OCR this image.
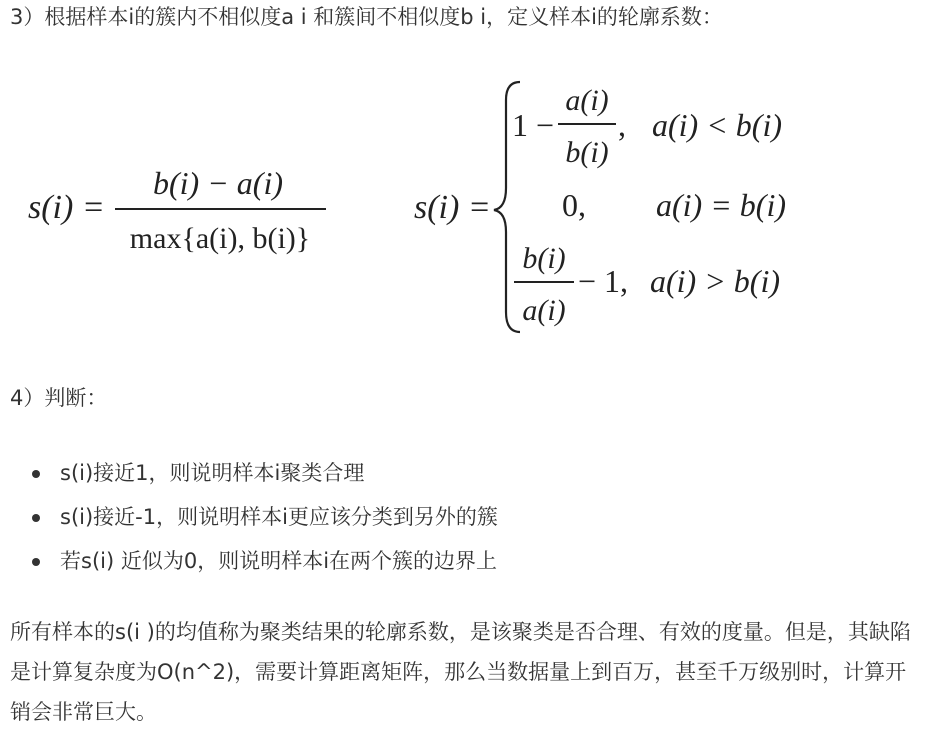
3）根据样本i的簇内不相似度a i 和簇间不相似度b i，定义样本i的轮廓系数：
s(i) =
b(i) − a(i)
max{a(i), b(i)}
s(i) =
1 −
a(i)
b(i)
, a(i) < b(i)
0, a(i) = b(i)
b(i)
a(i)
− 1, a(i) > b(i)
4）判断：
s(i)接近1，则说明样本i聚类合理
s(i)接近-1，则说明样本i更应该分类到另外的簇
若s(i) 近似为0，则说明样本i在两个簇的边界上
所有样本的s(i )的均值称为聚类结果的轮廓系数，是该聚类是否合理、有效的度量。但是，其缺陷是计算复杂度为O(n^2)，需要计算距离矩阵，那么当数据量上到百万，甚至千万级别时，计算开销会非常巨大。
